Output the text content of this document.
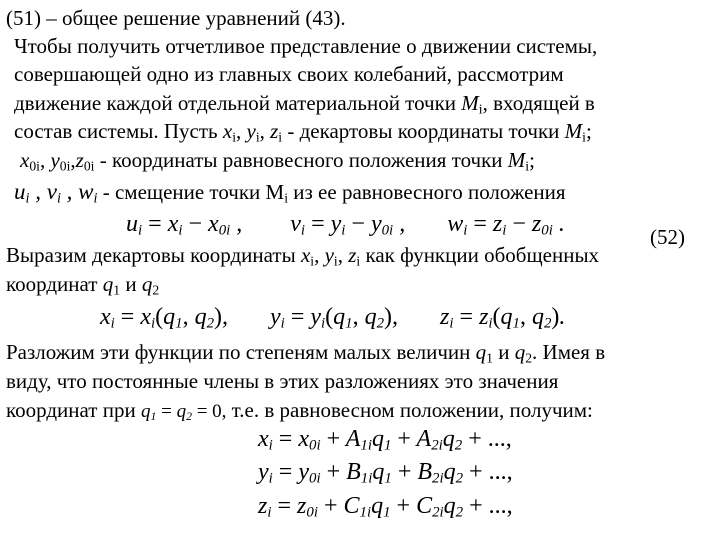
(51) – общее решение уравнений (43).
Чтобы получить отчетливое представление о движении системы,
совершающей одно из главных своих колебаний, рассмотрим
движение каждой отдельной материальной точки $M_i$, входящей в
состав системы. Пусть $x_i$, $y_i$, $z_i$ - декартовы координаты точки $M_i$;
$x_{0i}$, $y_{0i},z_{0i}$ - координаты равновесного положения точки $M_i$;
$u_i$ , $v_i$ , $w_i$ - смещение точки $M_i$ из ее равновесного положения
$u_i = x_i - x_{0i}$ ,        $v_i = y_i - y_{0i}$ ,       $w_i = z_i - z_{0i}$ .	(52)
Выразим декартовы координаты $x_i$, $y_i$, $z_i$ как функции обобщенных
координат $q_1$ и $q_2$
$x_i = x_i(q_1$, $q_2$),       $y_i = y_i(q_1$, $q_2$),       $z_i = z_i(q_1$, $q_2$).
Разложим эти функции по степеням малых величин $q_1$ и $q_2$. Имея в
виду, что постоянные члены в этих разложениях это значения
координат при $q_1 = q_2 = 0$, т.е. в равновесном положении, получим:
$x_i = x_{0i} + A_{1i}q_1 + A_{2i}q_2$ + ...,
$y_i = y_{0i} + B_{1i}q_1 + B_{2i}q_2$ + ...,
$z_i = z_{0i} + C_{1i}q_1 + C_{2i}q_2$ + ...,
